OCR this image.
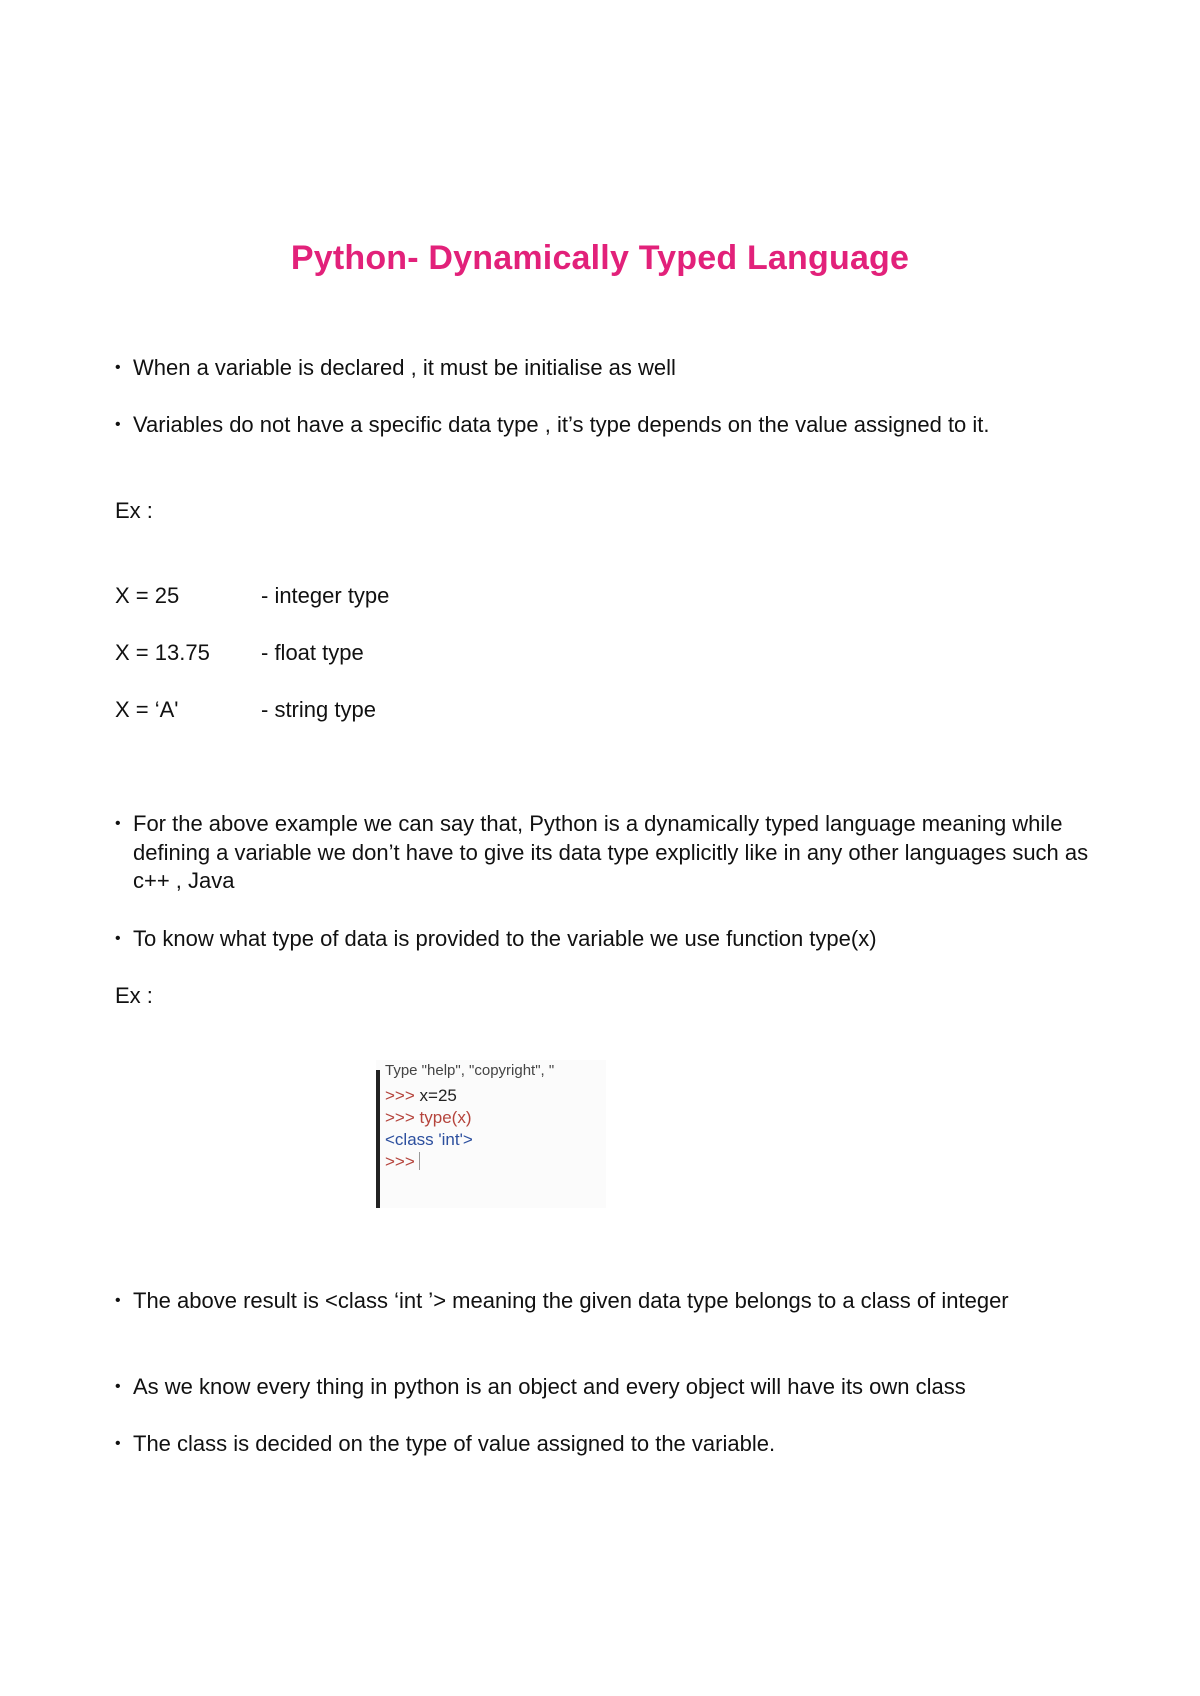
Python- Dynamically Typed Language
• When a variable is declared , it must be initialise as well
• Variables do not have a specific data type , it’s type depends on the value assigned to it.
Ex :
X = 25	- integer type
X = 13.75 - float type
X = ‘A'	- string type
• For the above example we can say that, Python is a dynamically typed language meaning while defining a variable we don’t have to give its data type explicitly like in any other languages such as c++ , Java
• To know what type of data is provided to the variable we use function type(x)
Ex :
Type "help", "copyright", "
>>> x=25
>>> type(x)
<class 'int'>
>>>
• The above result is <class ‘int ’> meaning the given data type belongs to a class of integer
• As we know every thing in python is an object and every object will have its own class
• The class is decided on the type of value assigned to the variable.
